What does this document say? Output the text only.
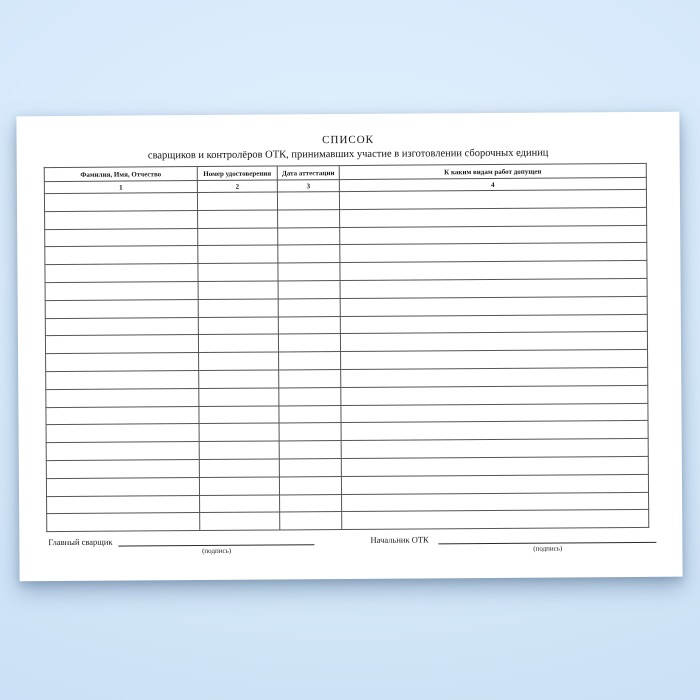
СПИСОК
сварщиков и контролёров ОТК, принимавших участие в изготовлении сборочных единиц
Фамилия, Имя, Отчество	Номер удостоверения	Дата аттестации	К каким видам работ допущен
1	2	3	4

Главный сварщик
(подпись)
Начальник ОТК
(подпись)
